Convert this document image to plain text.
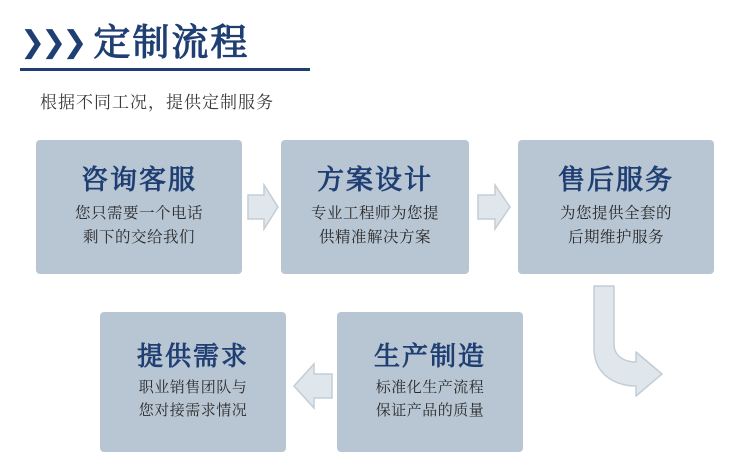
❯❯❯ 定制流程
根据不同工况，提供定制服务
咨询客服
您只需要一个电话
剩下的交给我们
方案设计
专业工程师为您提
供精准解决方案
售后服务
为您提供全套的
后期维护服务
提供需求
职业销售团队与
您对接需求情况
生产制造
标准化生产流程
保证产品的质量
